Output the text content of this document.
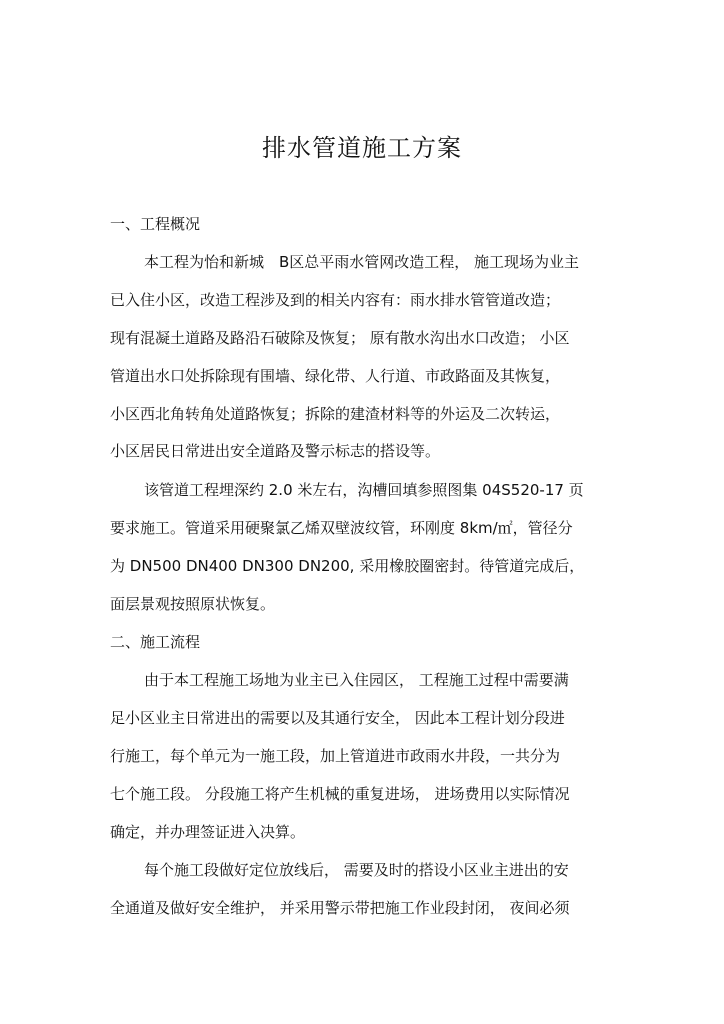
排水管道施工方案
一、工程概况
本工程为怡和新城　B区总平雨水管网改造工程， 施工现场为业主
已入住小区，改造工程涉及到的相关内容有：雨水排水管管道改造；
现有混凝土道路及路沿石破除及恢复； 原有散水沟出水口改造； 小区
管道出水口处拆除现有围墙、绿化带、人行道、市政路面及其恢复，
小区西北角转角处道路恢复；拆除的建渣材料等的外运及二次转运，
小区居民日常进出安全道路及警示标志的搭设等。
该管道工程埋深约 2.0 米左右，沟槽回填参照图集 04S520-17 页
要求施工。管道采用硬聚氯乙烯双壁波纹管，环刚度 8km/㎡，管径分
为 DN500 DN400 DN300 DN200, 采用橡胶圈密封。待管道完成后，
面层景观按照原状恢复。
二、施工流程
由于本工程施工场地为业主已入住园区， 工程施工过程中需要满
足小区业主日常进出的需要以及其通行安全， 因此本工程计划分段进
行施工，每个单元为一施工段，加上管道进市政雨水井段，一共分为
七个施工段。 分段施工将产生机械的重复进场， 进场费用以实际情况
确定，并办理签证进入决算。
每个施工段做好定位放线后， 需要及时的搭设小区业主进出的安
全通道及做好安全维护， 并采用警示带把施工作业段封闭， 夜间必须
